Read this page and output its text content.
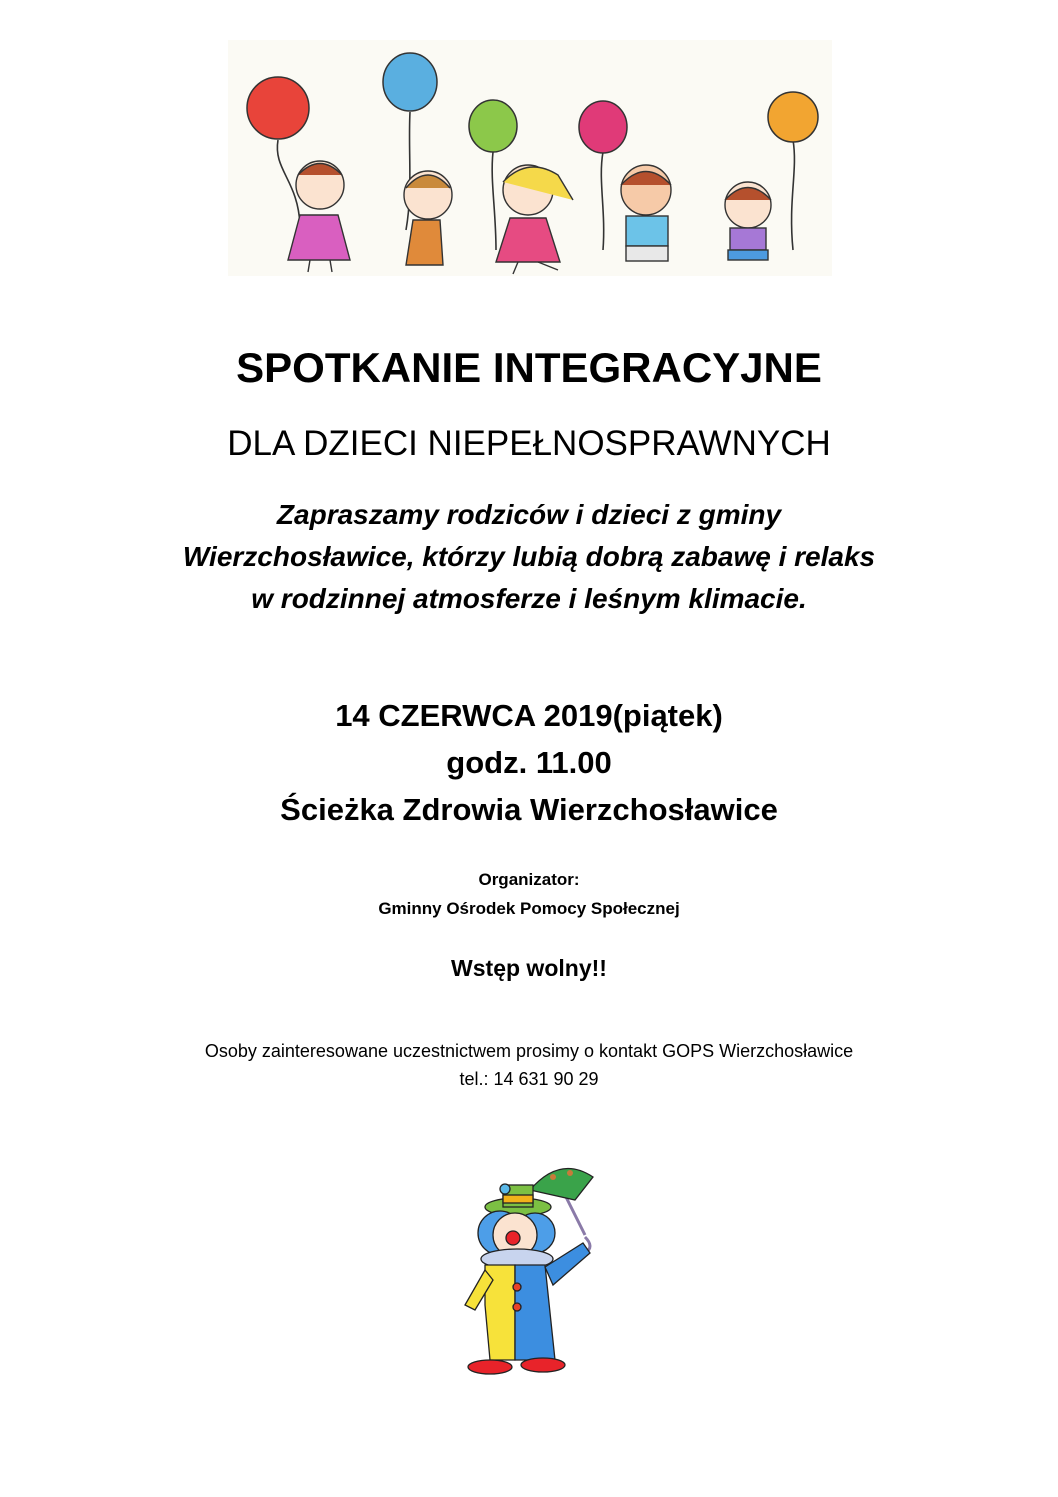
SPOTKANIE INTEGRACYJNE
DLA DZIECI NIEPEŁNOSPRAWNYCH
Zapraszamy rodziców i dzieci z gminy
Wierzchosławice, którzy lubią dobrą zabawę i relaks
w rodzinnej atmosferze i leśnym klimacie.
14 CZERWCA 2019(piątek)
godz. 11.00
Ścieżka Zdrowia Wierzchosławice
Organizator:
Gminny Ośrodek Pomocy Społecznej
Wstęp wolny!!
Osoby zainteresowane uczestnictwem prosimy o kontakt GOPS Wierzchosławice
tel.: 14 631 90 29
